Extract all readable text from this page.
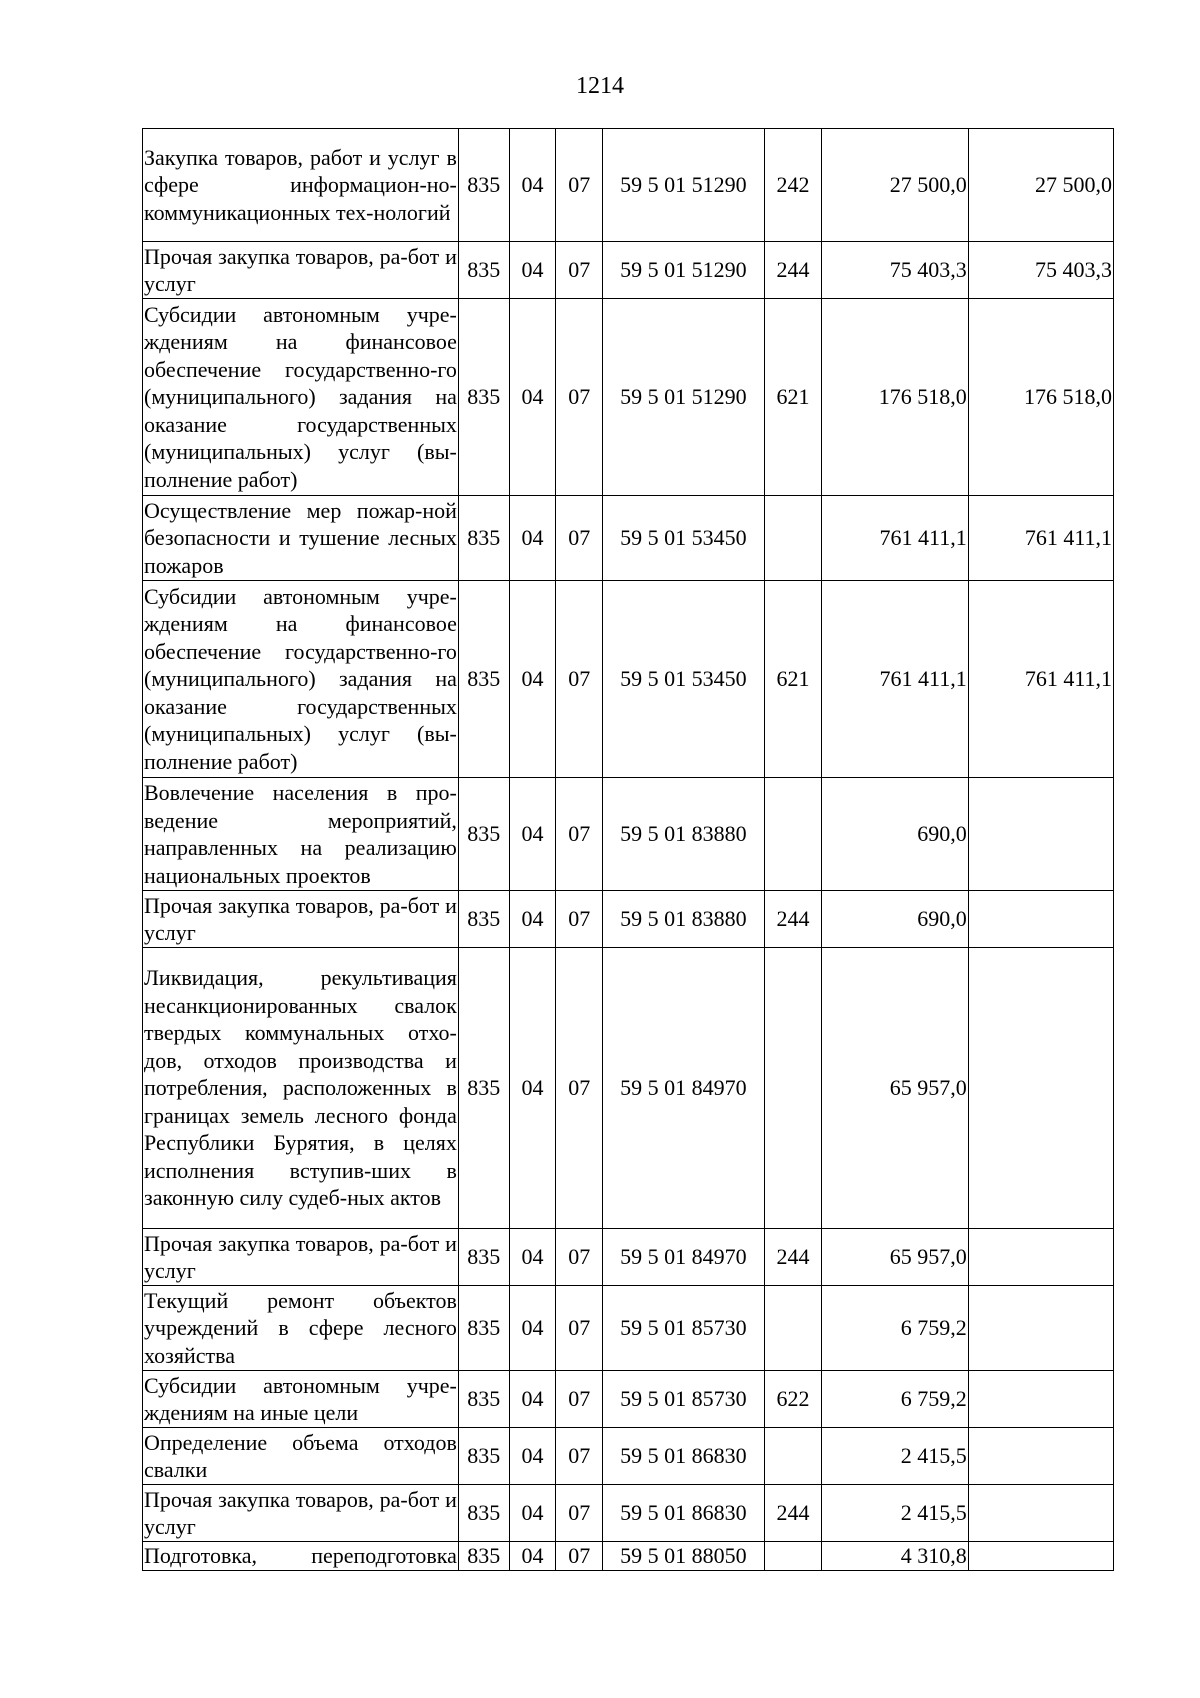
1214
Закупка товаров, работ и услуг в сфере информацион-но-коммуникационных тех-нологий	835	04	07	59 5 01 51290	242	27 500,0	27 500,0
Прочая закупка товаров, ра-бот и услуг	835	04	07	59 5 01 51290	244	75 403,3	75 403,3
Субсидии автономным учре-ждениям на финансовое обеспечение государственно-го (муниципального) задания на оказание государственных (муниципальных) услуг (вы-полнение работ)	835	04	07	59 5 01 51290	621	176 518,0	176 518,0
Осуществление мер пожар-ной безопасности и тушение лесных пожаров	835	04	07	59 5 01 53450		761 411,1	761 411,1
Субсидии автономным учре-ждениям на финансовое обеспечение государственно-го (муниципального) задания на оказание государственных (муниципальных) услуг (вы-полнение работ)	835	04	07	59 5 01 53450	621	761 411,1	761 411,1
Вовлечение населения в про-ведение мероприятий, направленных на реализацию национальных проектов	835	04	07	59 5 01 83880		690,0	
Прочая закупка товаров, ра-бот и услуг	835	04	07	59 5 01 83880	244	690,0	
Ликвидация, рекультивация несанкционированных свалок твердых коммунальных отхо-дов, отходов производства и потребления, расположенных в границах земель лесного фонда Республики Бурятия, в целях исполнения вступив-ших в законную силу судеб-ных актов	835	04	07	59 5 01 84970		65 957,0	
Прочая закупка товаров, ра-бот и услуг	835	04	07	59 5 01 84970	244	65 957,0	
Текущий ремонт объектов учреждений в сфере лесного хозяйства	835	04	07	59 5 01 85730		6 759,2	
Субсидии автономным учре-ждениям на иные цели	835	04	07	59 5 01 85730	622	6 759,2	
Определение объема отходов свалки	835	04	07	59 5 01 86830		2 415,5	
Прочая закупка товаров, ра-бот и услуг	835	04	07	59 5 01 86830	244	2 415,5	
Подготовка, переподготовка	835	04	07	59 5 01 88050		4 310,8	
